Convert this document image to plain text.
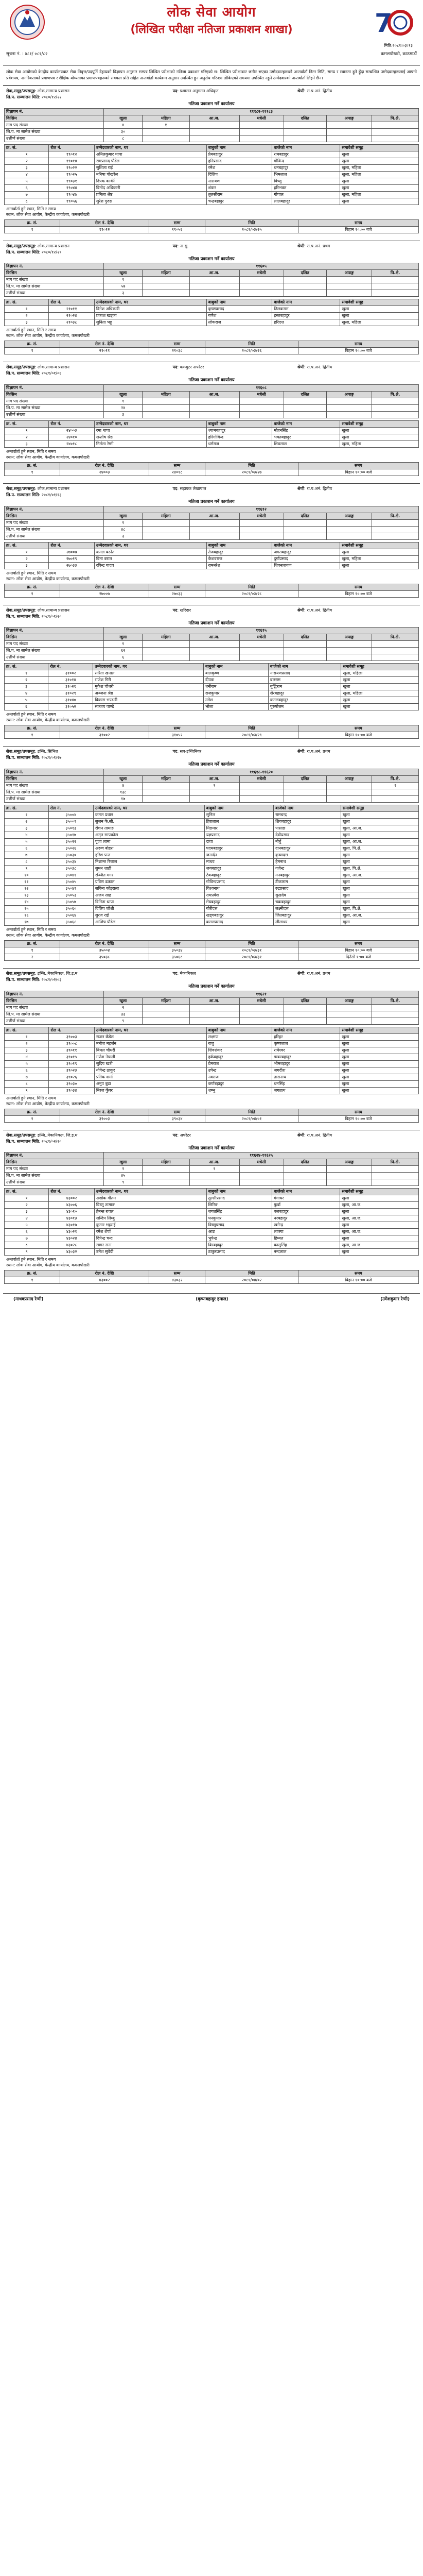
लोक सेवा आयोग
(लिखित परीक्षा नतिजा प्रकाशन शाखा)	7
मिति:२०८१।०३।१३
सूचना नं. : ४८१/ ०८१/८२	कमलपोखरी, काठमाडौं
लोक सेवा आयोगको केन्द्रीय कार्यालयबाट सेवा निवृत्त/पदपूर्ति देहायको विज्ञापन अनुसार सम्पन्न लिखित परीक्षाको नतिजा प्रकाशन गरिएको छ। लिखित परीक्षाबाट छनौट भएका उम्मेदवारहरूको अन्तर्वार्ता निम्न मिति, समय र स्थानमा हुने हुँदा सम्बन्धित उम्मेदवारहरूलाई आफ्नो प्रवेशपत्र, नागरिकताको प्रमाणपत्र र शैक्षिक योग्यताका प्रमाणपत्रहरूको सक्कल प्रति सहित अन्तर्वार्ता कार्यक्रम अनुसार उपस्थित हुन अनुरोध गरिन्छ। तोकिएको समयमा उपस्थित नहुने उम्मेदवारको अन्तर्वार्ता लिइने छैन।
सेवा,समूह/उपसमूह: लोक,सामान्य प्रशासन	पद: प्रशासन अनुगमन अधिकृत	श्रेणी: रा.प.अनं. द्वितीय
लि.प. सञ्चालन मिति: २०८०/१२/२२
नतिजा प्रकाशन गर्ने कार्यालय
विज्ञापन नं.	१११८२-१११८३						
किसिम	खुला	महिला	आ.ज.	मधेसी	दलित	अपाङ्ग	पि.क्षे.
माग पद संख्या	४	१					
लि.प. मा सामेल संख्या	३०						
उत्तीर्ण संख्या	८						
क्र. सं.	रोल नं.	उम्मेदवारको नाम, थर	बाबुको नाम	बाजेको नाम	समावेशी समूह
१	१९०१२	अनिलकुमार थापा	प्रेमबहादुर	रामबहादुर	खुला
२	१९०१४	रामप्रसाद पौडेल	हरिप्रसाद	गोविन्द	खुला
३	१९०२२	सुशिला राई	रमेश	धनबहादुर	खुला, महिला
४	१९०२५	मनिषा पोखरेल	दिलिप	भिमलाल	खुला, महिला
५	१९०३१	दिपक कार्की	नारायण	विष्णु	खुला
६	१९०४४	बिनोद अधिकारी	शंकर	हरिभक्त	खुला
७	१९०४७	प्रमिला श्रेष्ठ	तुलसीराम	गोपाल	खुला, महिला
८	१९०५६	सुरेश गुरुङ	चन्द्रबहादुर	लालबहादुर	खुला
अन्तर्वार्ता हुने स्थान, मिति र समय
स्थान: लोक सेवा आयोग, केन्द्रीय कार्यालय, कमलपोखरी
क्र. सं.	रोल नं. देखि	सम्म	मिति	समय
१	१९०१२	१९०५६	२०८१/०३/२५	बिहान १०:०० बजे
सेवा,समूह/उपसमूह: लोक,सामान्य प्रशासन	पद: ना.सु.	श्रेणी: रा.प.अनं. प्रथम
लि.प. सञ्चालन मिति: २०८०/१२/२९
नतिजा प्रकाशन गर्ने कार्यालय
विज्ञापन नं.	११६०५						
किसिम	खुला	महिला	आ.ज.	मधेसी	दलित	अपाङ्ग	पि.क्षे.
माग पद संख्या	१						
लि.प. मा सामेल संख्या	५७						
उत्तीर्ण संख्या	३						
क्र. सं.	रोल नं.	उम्मेदवारको नाम, थर	बाबुको नाम	बाजेको नाम	समावेशी समूह
१	२१०११	दिनेश अधिकारी	कृष्णप्रसाद	तिलकराम	खुला
२	२१०२४	प्रकाश खड्का	गणेश	हस्तबहादुर	खुला
३	२१०३८	सुनिता भट्ट	लोकराज	हरिदत्त	खुला, महिला
अन्तर्वार्ता हुने स्थान, मिति र समय
स्थान: लोक सेवा आयोग, केन्द्रीय कार्यालय, कमलपोखरी
क्र. सं.	रोल नं. देखि	सम्म	मिति	समय
१	२१०११	२१०३८	२०८१/०३/२६	बिहान १०:०० बजे
सेवा,समूह/उपसमूह: लोक,सामान्य प्रशासन	पद: कम्प्युटर अपरेटर	श्रेणी: रा.प.अनं. द्वितीय
लि.प. सञ्चालन मिति: २०८१/०१/०६
नतिजा प्रकाशन गर्ने कार्यालय
विज्ञापन नं.	११६०८						
किसिम	खुला	महिला	आ.ज.	मधेसी	दलित	अपाङ्ग	पि.क्षे.
माग पद संख्या	१						
लि.प. मा सामेल संख्या	२४						
उत्तीर्ण संख्या	३						
क्र. सं.	रोल नं.	उम्मेदवारको नाम, थर	बाबुको नाम	बाजेको नाम	समावेशी समूह
१	२४००३	रमा थापा	श्यामबहादुर	मोहनसिंह	खुला
२	२४०१०	सन्तोष श्रेष्ठ	हरिगोविन्द	भक्तबहादुर	खुला
३	२४०१८	निर्मला रेग्मी	धर्मराज	शिवलाल	खुला, महिला
अन्तर्वार्ता हुने स्थान, मिति र समय
स्थान: लोक सेवा आयोग, केन्द्रीय कार्यालय, कमलपोखरी
क्र. सं.	रोल नं. देखि	सम्म	मिति	समय
१	२४००३	२४०१८	२०८१/०३/२७	बिहान १०:०० बजे
सेवा,समूह/उपसमूह: लोक,सामान्य प्रशासन	पद: सहायक लेखापाल	श्रेणी: रा.प.अनं. द्वितीय
लि.प. सञ्चालन मिति: २०८१/०१/१३
नतिजा प्रकाशन गर्ने कार्यालय
विज्ञापन नं.	११६१२						
किसिम	खुला	महिला	आ.ज.	मधेसी	दलित	अपाङ्ग	पि.क्षे.
माग पद संख्या	१						
लि.प. मा सामेल संख्या	४८						
उत्तीर्ण संख्या	३						
क्र. सं.	रोल नं.	उम्मेदवारको नाम, थर	बाबुको नाम	बाजेको नाम	समावेशी समूह
१	२७००७	कमल बस्नेत	तेजबहादुर	जगतबहादुर	खुला
२	२७०१९	बिना बराल	केशवराज	दुर्गाप्रसाद	खुला, महिला
३	२७०३३	रविन्द्र यादव	रामनरेश	शिवनारायण	खुला
अन्तर्वार्ता हुने स्थान, मिति र समय
स्थान: लोक सेवा आयोग, केन्द्रीय कार्यालय, कमलपोखरी
क्र. सं.	रोल नं. देखि	सम्म	मिति	समय
१	२७००७	२७०३३	२०८१/०३/२८	बिहान १०:०० बजे
सेवा,समूह/उपसमूह: लोक,सामान्य प्रशासन	पद: खरिदार	श्रेणी: रा.प.अनं. द्वितीय
लि.प. सञ्चालन मिति: २०८१/०१/२०
नतिजा प्रकाशन गर्ने कार्यालय
विज्ञापन नं.	११६१५						
किसिम	खुला	महिला	आ.ज.	मधेसी	दलित	अपाङ्ग	पि.क्षे.
माग पद संख्या	१						
लि.प. मा सामेल संख्या	६२						
उत्तीर्ण संख्या	६						
क्र. सं.	रोल नं.	उम्मेदवारको नाम, थर	बाबुको नाम	बाजेको नाम	समावेशी समूह
१	३१००२	सरिता खनाल	बालकृष्ण	नारायणप्रसाद	खुला, महिला
२	३१०१४	राजेश गिरी	दीपक	बलराम	खुला
३	३१०२१	मुकेश चौधरी	धनीराम	बुद्धिराम	खुला
४	३१०२९	अञ्जना श्रेष्ठ	राजकुमार	शेरबहादुर	खुला, महिला
५	३१०४०	विकास भण्डारी	उमेश	कमलबहादुर	खुला
६	३१०५२	सञ्जय पाण्डे	भोला	पुरुषोत्तम	खुला
अन्तर्वार्ता हुने स्थान, मिति र समय
स्थान: लोक सेवा आयोग, केन्द्रीय कार्यालय, कमलपोखरी
क्र. सं.	रोल नं. देखि	सम्म	मिति	समय
१	३१००२	३१०५२	२०८१/०३/२९	बिहान १०:०० बजे
सेवा,समूह/उपसमूह: इन्जि.,सिभिल	पद: सब-इन्जिनियर	श्रेणी: रा.प.अनं. प्रथम
लि.प. सञ्चालन मिति: २०८१/०१/२७
नतिजा प्रकाशन गर्ने कार्यालय
विज्ञापन नं.	११६१८-११६२०						
किसिम	खुला	महिला	आ.ज.	मधेसी	दलित	अपाङ्ग	पि.क्षे.
माग पद संख्या	४		१				१
लि.प. मा सामेल संख्या	१३८						
उत्तीर्ण संख्या	१७						
क्र. सं.	रोल नं.	उम्मेदवारको नाम, थर	बाबुको नाम	बाजेको नाम	समावेशी समूह
१	३५००४	कमल प्रधान	सुनिल	रामचन्द्र	खुला
२	३५००९	सुजन के.सी.	हिरालाल	शिवबहादुर	खुला
३	३५०१३	रोशन तामाङ	मिङमार	पासाङ	खुला, आ.ज.
४	३५०१७	अमृत सापकोटा	यज्ञप्रसाद	देवीप्रसाद	खुला
५	३५०२२	पूजा लामा	दावा	नोर्बु	खुला, आ.ज.
६	३५०२६	अरुण बोहरा	पदमबहादुर	दानबहादुर	खुला, पि.क्षे.
७	३५०३०	हरिश पन्त	जनार्दन	कृष्णदत्त	खुला
८	३५०३४	निशान्त रिजाल	माधव	हेमनाथ	खुला
९	३५०३८	सुमन शाही	जयबहादुर	गजेन्द्र	खुला, पि.क्षे.
१०	३५०४१	रञ्जित मगर	टेकबहादुर	मनबहादुर	खुला, आ.ज.
११	३५०४५	प्रविण ढकाल	गोविन्दप्रसाद	टीकाराम	खुला
१२	३५०४९	सविना कोइराला	विश्वनाथ	रुद्रप्रसाद	खुला
१३	३५०५३	अजय साह	रामप्रवेश	सुखदेव	खुला
१४	३५०५७	विनिता थापा	मेघबहादुर	चक्रबहादुर	खुला
१५	३५०६०	दिलिप जोशी	गौरीदत्त	लक्ष्मीदत्त	खुला, पि.क्षे.
१६	३५०६४	सुरज राई	खड्गबहादुर	जितबहादुर	खुला, आ.ज.
१७	३५०६८	आशिष पौडेल	कमलप्रसाद	लीलाधर	खुला
अन्तर्वार्ता हुने स्थान, मिति र समय
स्थान: लोक सेवा आयोग, केन्द्रीय कार्यालय, कमलपोखरी
क्र. सं.	रोल नं. देखि	सम्म	मिति	समय
१	३५००४	३५०३४	२०८१/०३/३१	बिहान १०:०० बजे
२	३५०३८	३५०६८	२०८१/०३/३१	दिउँसो १:०० बजे
सेवा,समूह/उपसमूह: इन्जि.,मेकानिकल, जि.इ.म	पद: मेकानिकल	श्रेणी: रा.प.अनं. प्रथम
लि.प. सञ्चालन मिति: २०८१/०२/०३
नतिजा प्रकाशन गर्ने कार्यालय
विज्ञापन नं.	११६२१						
किसिम	खुला	महिला	आ.ज.	मधेसी	दलित	अपाङ्ग	पि.क्षे.
माग पद संख्या	२						
लि.प. मा सामेल संख्या	३३						
उत्तीर्ण संख्या	९						
क्र. सं.	रोल नं.	उम्मेदवारको नाम, थर	बाबुको नाम	बाजेको नाम	समावेशी समूह
१	३९००३	राजन कँडेल	लक्ष्मण	हरिहर	खुला
२	३९००८	मनोज महर्जन	राजु	कृष्णलाल	खुला
३	३९०११	बिमल चौधरी	शिवशंकर	रामेश्वर	खुला
४	३९०१५	गणेश नेपाली	हर्कबहादुर	डम्बरबहादुर	खुला
५	३९०१९	सुदिप खत्री	प्रेमराज	भीमबहादुर	खुला
६	३९०२३	योगेन्द्र ठाकुर	उपेन्द्र	जगदीश	खुला
७	३९०२६	प्रतिक शर्मा	नवराज	तारानाथ	खुला
८	३९०३०	अनुप बुढा	कर्णबहादुर	धनसिंह	खुला
९	३९०३४	निरज कुँवर	शम्भु	जगन्नाथ	खुला
अन्तर्वार्ता हुने स्थान, मिति र समय
स्थान: लोक सेवा आयोग, केन्द्रीय कार्यालय, कमलपोखरी
क्र. सं.	रोल नं. देखि	सम्म	मिति	समय
१	३९००३	३९०३४	२०८१/०४/०१	बिहान १०:०० बजे
सेवा,समूह/उपसमूह: इन्जि.,मेकानिकल, जि.इ.म	पद: अपरेटर	श्रेणी: रा.प.अनं. द्वितीय
लि.प. सञ्चालन मिति: २०८१/०२/१०
नतिजा प्रकाशन गर्ने कार्यालय
विज्ञापन नं.	११६२४-११६२५						
किसिम	खुला	महिला	आ.ज.	मधेसी	दलित	अपाङ्ग	पि.क्षे.
माग पद संख्या	२		१				
लि.प. मा सामेल संख्या	४५						
उत्तीर्ण संख्या	९						
क्र. सं.	रोल नं.	उम्मेदवारको नाम, थर	बाबुको नाम	बाजेको नाम	समावेशी समूह
१	४३००२	अशोक गौतम	तुल्सीप्रसाद	गंगाधर	खुला
२	४३००६	विष्णु तामाङ	छिरिङ	फुर्बा	खुला, आ.ज.
३	४३०१०	हेमन्त रावल	जगतसिंह	बलबहादुर	खुला
४	४३०१३	सन्दिप लिम्बु	धनकुमार	नरबहादुर	खुला, आ.ज.
५	४३०१७	कुमार भट्टराई	विष्णुप्रसाद	खगेन्द्र	खुला
६	४३०२१	रमेश शेर्पा	आङ	लाक्पा	खुला, आ.ज.
७	४३०२४	दिपेन्द्र चन्द	भुपेन्द्र	हिम्मत	खुला
८	४३०२८	सागर राना	बिरबहादुर	कालुसिंह	खुला, आ.ज.
९	४३०३२	उमेश सुवेदी	ठाकुरप्रसाद	नन्दलाल	खुला
अन्तर्वार्ता हुने स्थान, मिति र समय
स्थान: लोक सेवा आयोग, केन्द्रीय कार्यालय, कमलपोखरी
क्र. सं.	रोल नं. देखि	सम्म	मिति	समय
१	४३००२	४३०३२	२०८१/०४/०२	बिहान १०:०० बजे
(माधवप्रसाद रेग्मी)	(कृष्णबहादुर हमाल)	(उमेशकुमार रेग्मी)
